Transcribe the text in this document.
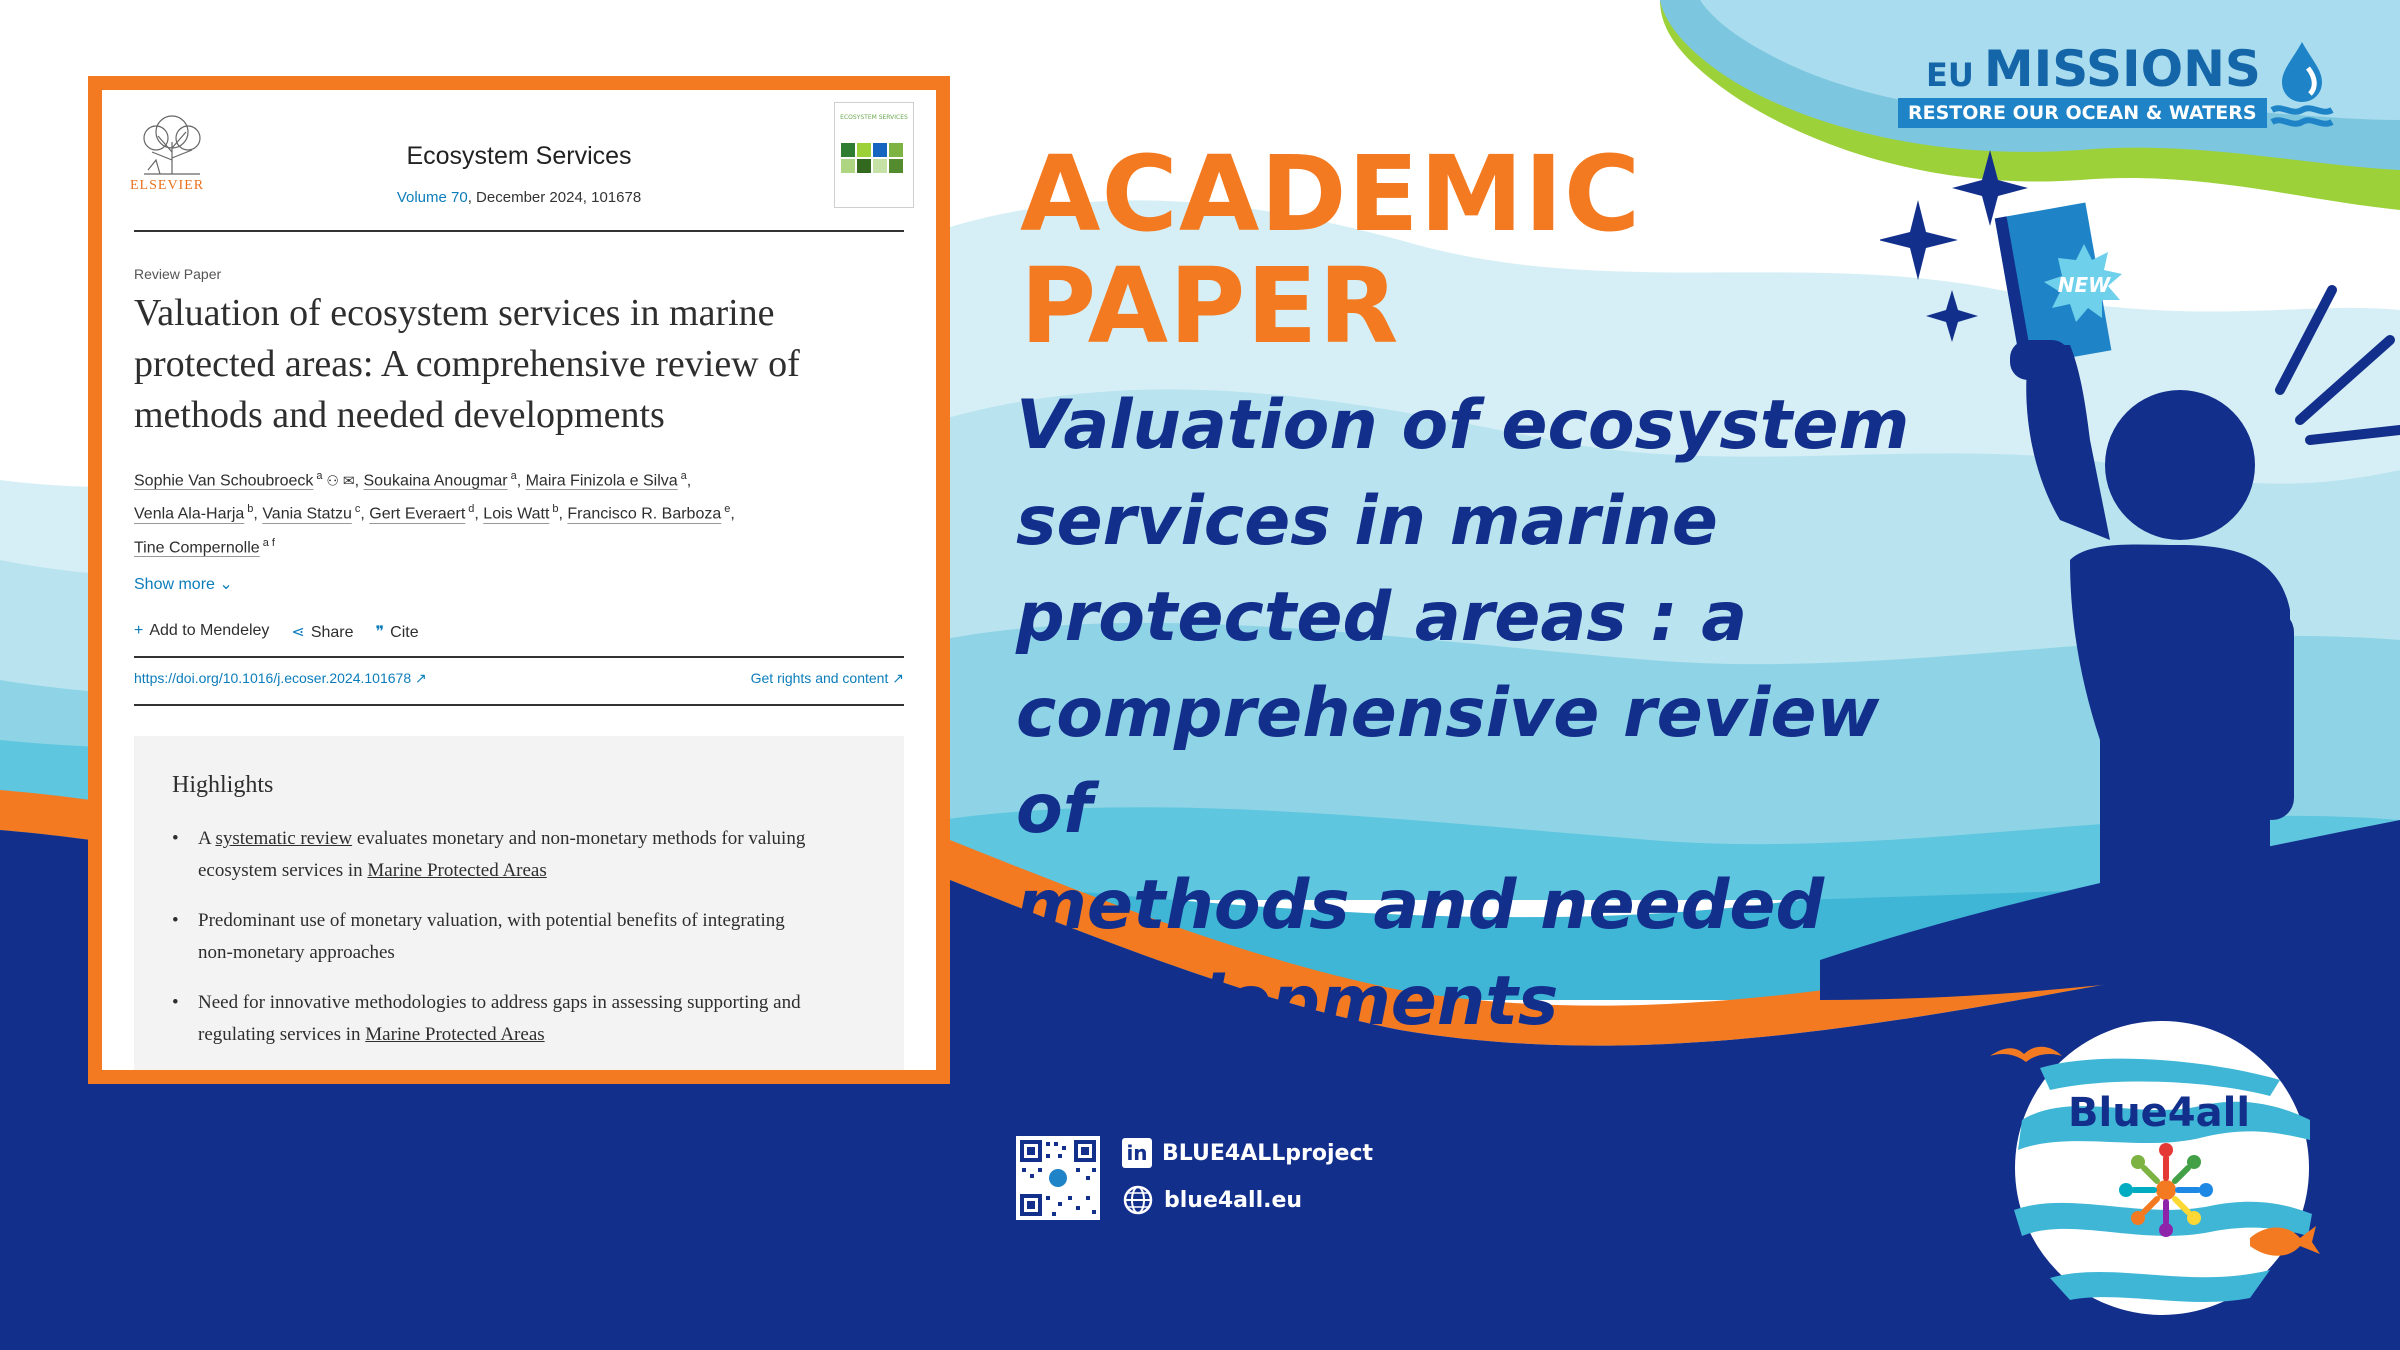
EU MISSIONS
RESTORE OUR OCEAN & WATERS
ELSEVIER
Ecosystem Services
Volume 70, December 2024, 101678
ECOSYSTEM SERVICES
Review Paper
Valuation of ecosystem services in marine protected areas: A comprehensive review of methods and needed developments
Sophie Van Schoubroeck $^a$ ⚇ ✉, Soukaina Anougmar $^a$, Maira Finizola e Silva $^a$,
Venla Ala-Harja $^b$, Vania Statzu $^c$, Gert Everaert $^d$, Lois Watt $^b$, Francisco R. Barboza $^e$,
Tine Compernolle $^{a f}$
Show more ⌄
+ Add to Mendeley ⋖ Share ❞ Cite
https://doi.org/10.1016/j.ecoser.2024.101678 ↗	Get rights and content ↗
Highlights
• A systematic review evaluates monetary and non-monetary methods for valuing ecosystem services in Marine Protected Areas
• Predominant use of monetary valuation, with potential benefits of integrating non-monetary approaches
• Need for innovative methodologies to address gaps in assessing supporting and regulating services in Marine Protected Areas
ACADEMIC
PAPER
Valuation of ecosystem
services in marine
protected areas : a
comprehensive review of
methods and needed
developments
NEW
in BLUE4ALLproject
blue4all.eu
Blue4all
